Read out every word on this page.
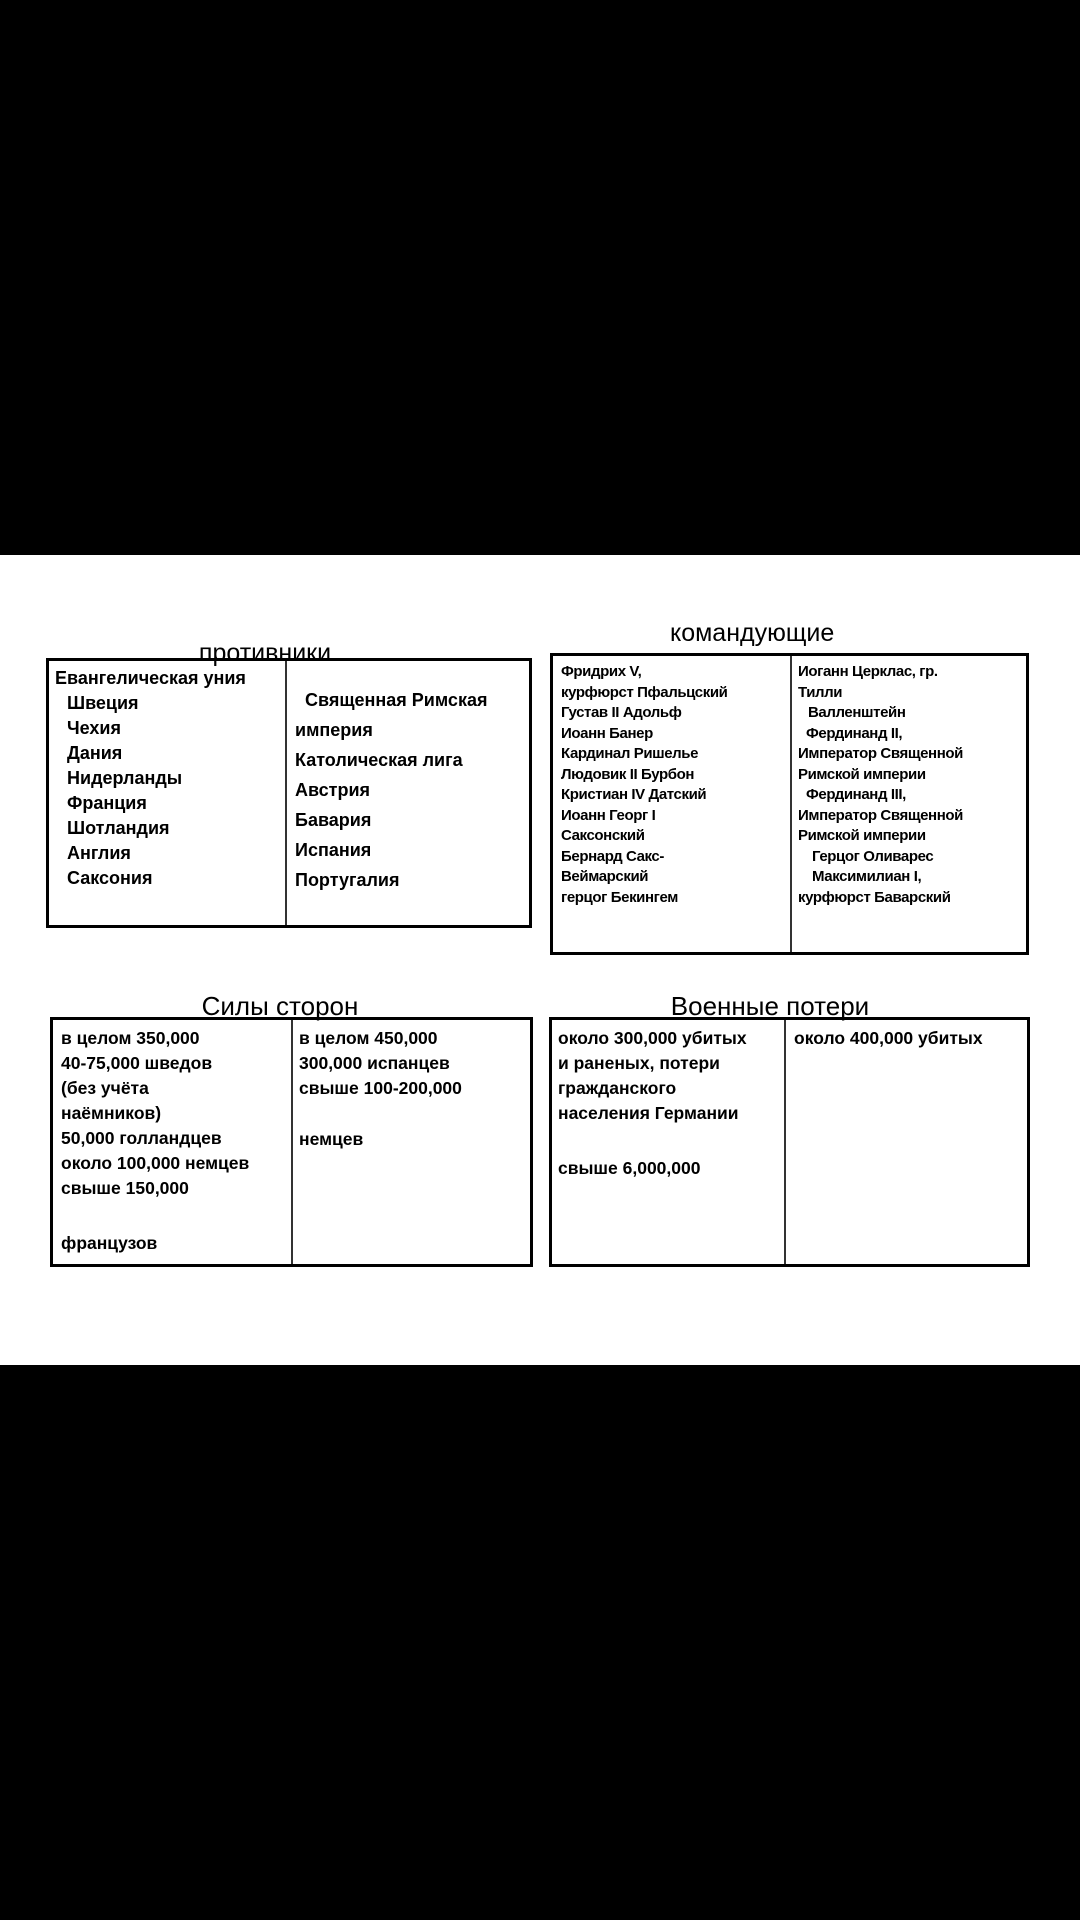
противники
Евангелическая уния
Швеция
Чехия
Дания
Нидерланды
Франция
Шотландия
Англия
Саксония
Священная Римская
империя
Католическая лига
Австрия
Бавария
Испания
Португалия
командующие
Фридрих V,
курфюрст Пфальцский
Густав II Адольф
Иоанн Банер
Кардинал Ришелье
Людовик II Бурбон
Кристиан IV Датский
Иоанн Георг I
Саксонский
Бернард Сакс-
Веймарский
герцог Бекингем
Иоганн Церклас, гр.
Тилли
Валленштейн
Фердинанд II,
Император Священной
Римской империи
Фердинанд III,
Император Священной
Римской империи
Герцог Оливарес
Максимилиан I,
курфюрст Баварский
Силы сторон
в целом 350,000
40-75,000 шведов
(без учёта
наёмников)
50,000 голландцев
около 100,000 немцев
свыше 150,000
французов
в целом 450,000
300,000 испанцев
свыше 100-200,000
немцев
Военные потери
около 300,000 убитых
и раненых, потери
гражданского
населения Германии
свыше 6,000,000
около 400,000 убитых
